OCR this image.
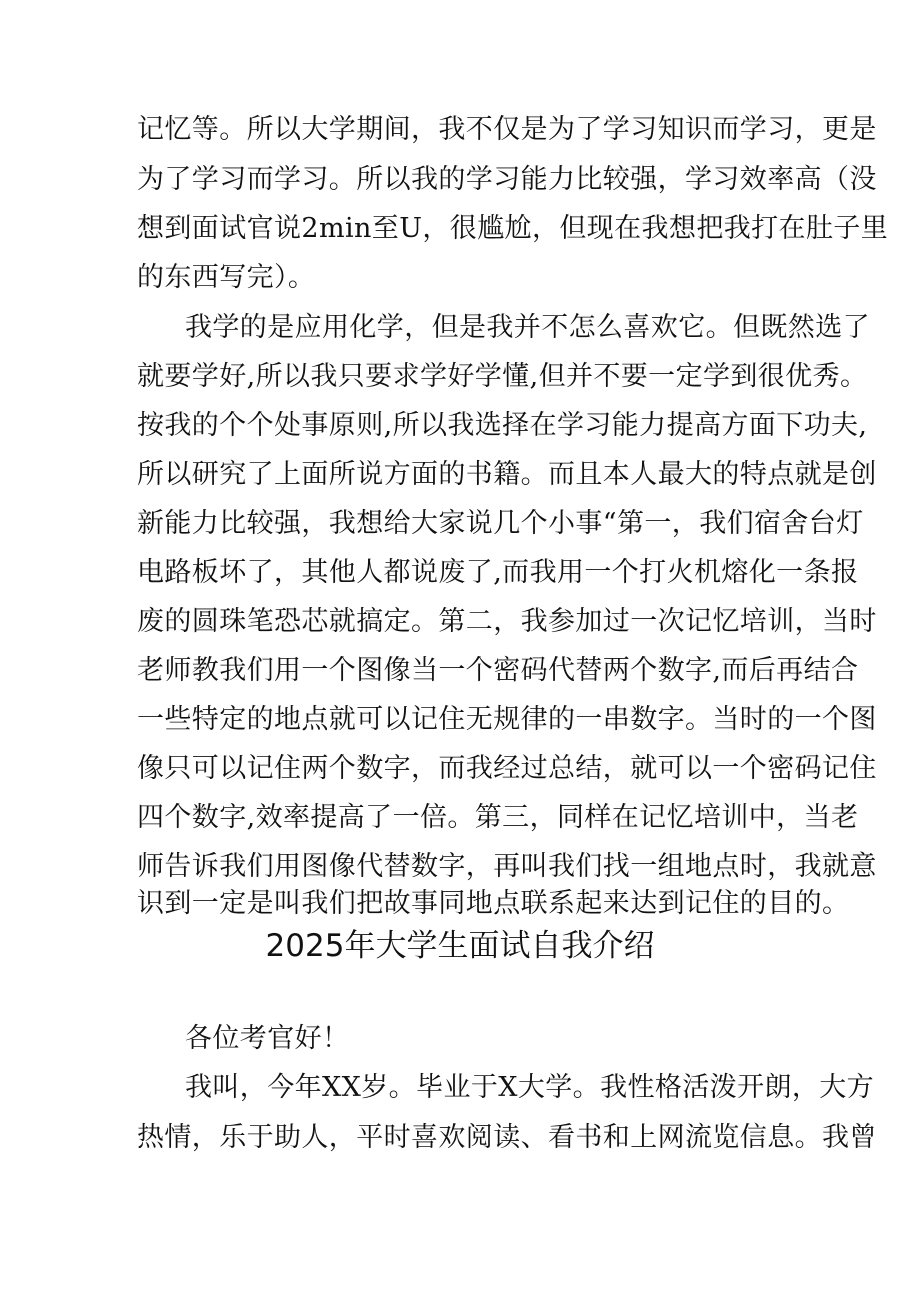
记忆等。所以大学期间，我不仅是为了学习知识而学习，更是
为了学习而学习。所以我的学习能力比较强，学习效率高（没
想到面试官说2min至U，很尴尬，但现在我想把我打在肚子里
的东西写完）。
我学的是应用化学，但是我并不怎么喜欢它。但既然选了
就要学好,所以我只要求学好学懂,但并不要一定学到很优秀。
按我的个个处事原则,所以我选择在学习能力提高方面下功夫,
所以研究了上面所说方面的书籍。而且本人最大的特点就是创
新能力比较强，我想给大家说几个小事“第一，我们宿舍台灯
电路板坏了，其他人都说废了,而我用一个打火机熔化一条报
废的圆珠笔恐芯就搞定。第二，我参加过一次记忆培训，当时
老师教我们用一个图像当一个密码代替两个数字,而后再结合
一些特定的地点就可以记住无规律的一串数字。当时的一个图
像只可以记住两个数字，而我经过总结，就可以一个密码记住
四个数字,效率提高了一倍。第三，同样在记忆培训中，当老
师告诉我们用图像代替数字，再叫我们找一组地点时，我就意
识到一定是叫我们把故事同地点联系起来达到记住的目的。
2025年大学生面试自我介绍
各位考官好！
我叫，今年XX岁。毕业于X大学。我性格活泼开朗，大方
热情，乐于助人，平时喜欢阅读、看书和上网流览信息。我曾
